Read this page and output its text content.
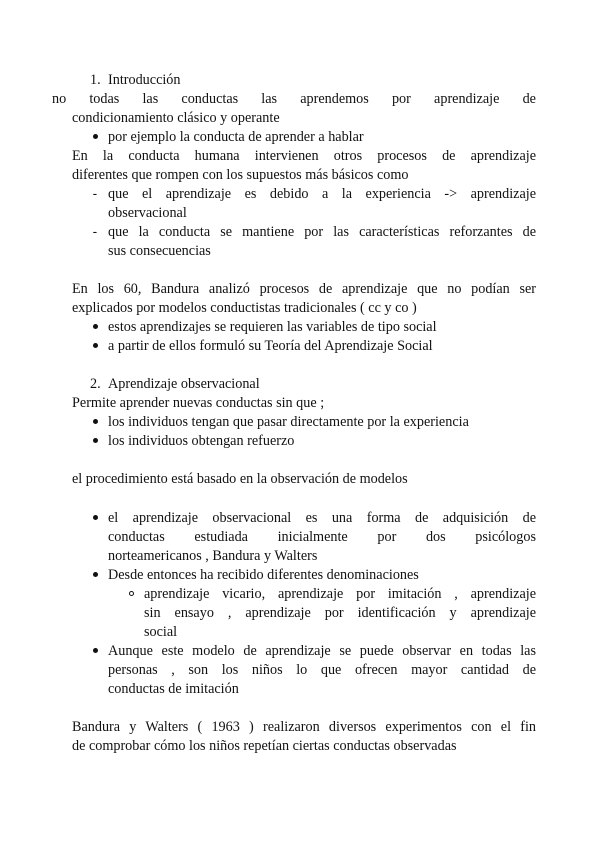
1. Introducción
no todas las conductas las aprendemos por aprendizaje de
condicionamiento clásico y operante
por ejemplo la conducta de aprender a hablar
En la conducta humana intervienen otros procesos de aprendizaje
diferentes que rompen con los supuestos más básicos como
- que el aprendizaje es debido a la experiencia -> aprendizaje
observacional
- que la conducta se mantiene por las características reforzantes de
sus consecuencias
En los 60, Bandura analizó procesos de aprendizaje que no podían ser
explicados por modelos conductistas tradicionales ( cc y co )
estos aprendizajes se requieren las variables de tipo social
a partir de ellos formuló su Teoría del Aprendizaje Social
2. Aprendizaje observacional
Permite aprender nuevas conductas sin que ;
los individuos tengan que pasar directamente por la experiencia
los individuos obtengan refuerzo
el procedimiento está basado en la observación de modelos
el aprendizaje observacional es una forma de adquisición de
conductas estudiada inicialmente por dos psicólogos
norteamericanos , Bandura y Walters
Desde entonces ha recibido diferentes denominaciones
aprendizaje vicario, aprendizaje por imitación , aprendizaje
sin ensayo , aprendizaje por identificación y aprendizaje
social
Aunque este modelo de aprendizaje se puede observar en todas las
personas , son los niños lo que ofrecen mayor cantidad de
conductas de imitación
Bandura y Walters ( 1963 ) realizaron diversos experimentos con el fin
de comprobar cómo los niños repetían ciertas conductas observadas
